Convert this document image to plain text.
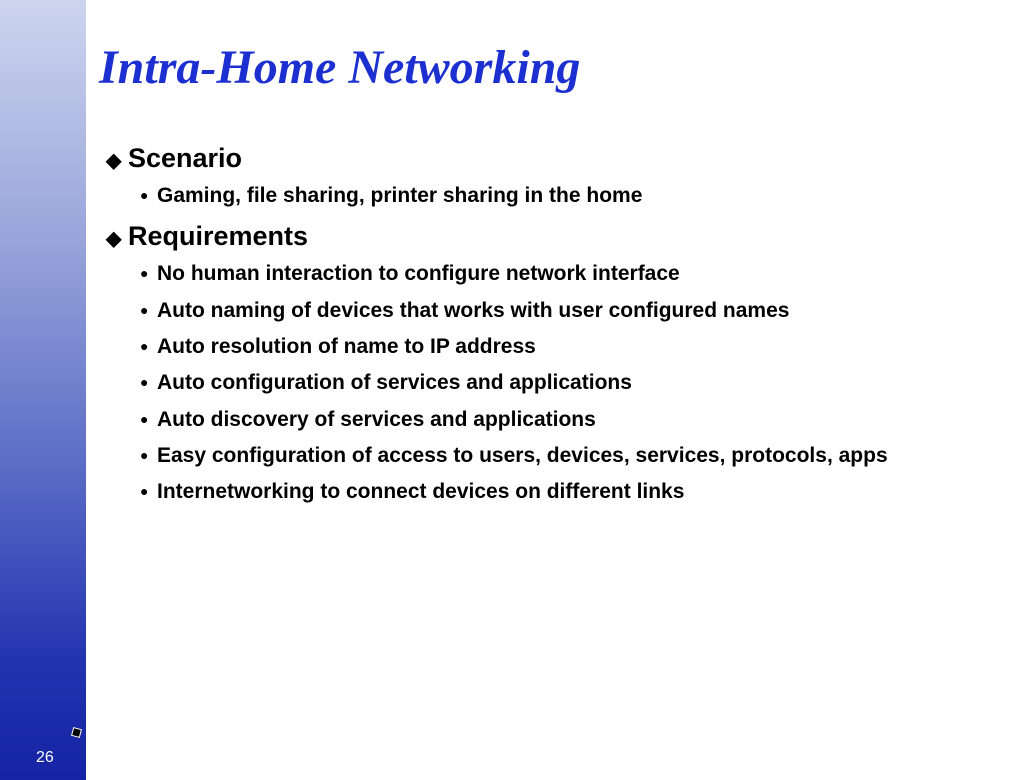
26
Intra-Home Networking
◆ Scenario
● Gaming, file sharing, printer sharing in the home
◆ Requirements
● No human interaction to configure network interface
● Auto naming of devices that works with user configured names
● Auto resolution of name to IP address
● Auto configuration of services and applications
● Auto discovery of services and applications
● Easy configuration of access to users, devices, services, protocols, apps
● Internetworking to connect devices on different links
